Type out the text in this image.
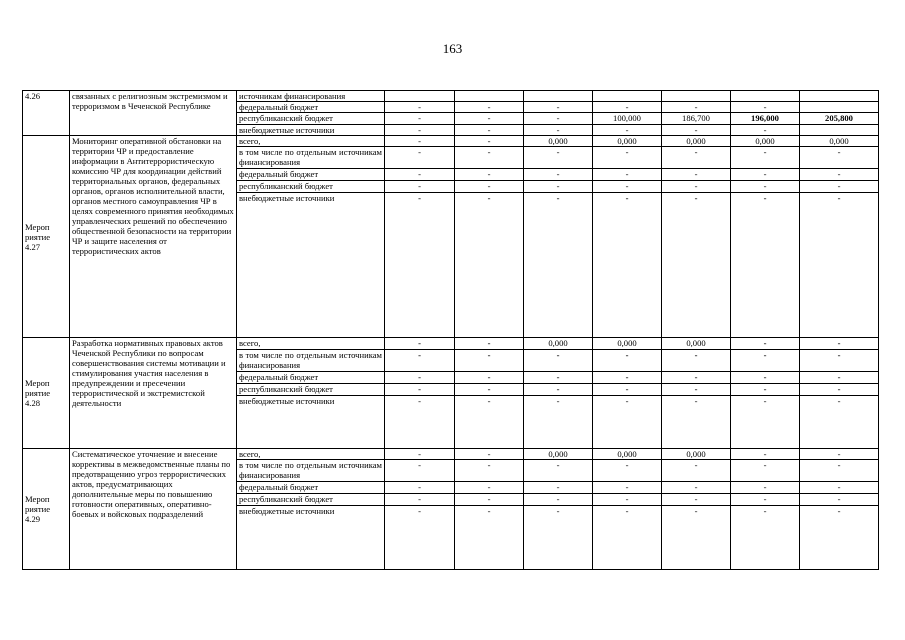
163
4.26	связанных с религиозным экстремизмом и терроризмом в Чеченской Республике	источникам финансирования								
		федеральный бюджет	-	-	-	-	-	-		
		республиканский бюджет	-	-	-	100,000	186,700	196,000	205,800	
		внебюджетные источники	-	-	-	-	-	-		
Мероп риятие 4.27	Мониторинг оперативной обстановки на территории ЧР и предоставление информации в Антитеррористическую комиссию ЧР для координации действий территориальных органов, федеральных органов, органов исполнительной власти, органов местного самоуправления ЧР в целях современного принятия необходимых управленческих решений по обеспечению общественной безопасности на территории ЧР и защите населения от террористических актов	всего,	-	-	0,000	0,000	0,000	0,000	0,000	
		в том числе по отдельным источникам финансирования	-	-	-	-	-	-	-	
		федеральный бюджет	-	-	-	-	-	-	-	
		республиканский бюджет	-	-	-	-	-	-	-	
		внебюджетные источники	-	-	-	-	-	-	-	
Мероп риятие 4.28	Разработка нормативных правовых актов Чеченской Республики по вопросам совершенствования системы мотивации и стимулирования участия населения в предупреждении и пресечении террористической и экстремистской деятельности	всего,	-	-	0,000	0,000	0,000	-	-	
		в том числе по отдельным источникам финансирования	-	-	-	-	-	-	-	
		федеральный бюджет	-	-	-	-	-	-	-	
		республиканский бюджет	-	-	-	-	-	-	-	
		внебюджетные источники	-	-	-	-	-	-	-	
Мероп риятие 4.29	Систематическое уточнение и внесение коррективы в межведомственные планы по предотвращению угроз террористических актов, предусматривающих дополнительные меры по повышению готовности оперативных, оперативно-боевых и войсковых подразделений	всего,	-	-	0,000	0,000	0,000	-	-	
		в том числе по отдельным источникам финансирования	-	-	-	-	-	-	-	
		федеральный бюджет	-	-	-	-	-	-	-	
		республиканский бюджет	-	-	-	-	-	-	-	
		внебюджетные источники	-	-	-	-	-	-	-	
